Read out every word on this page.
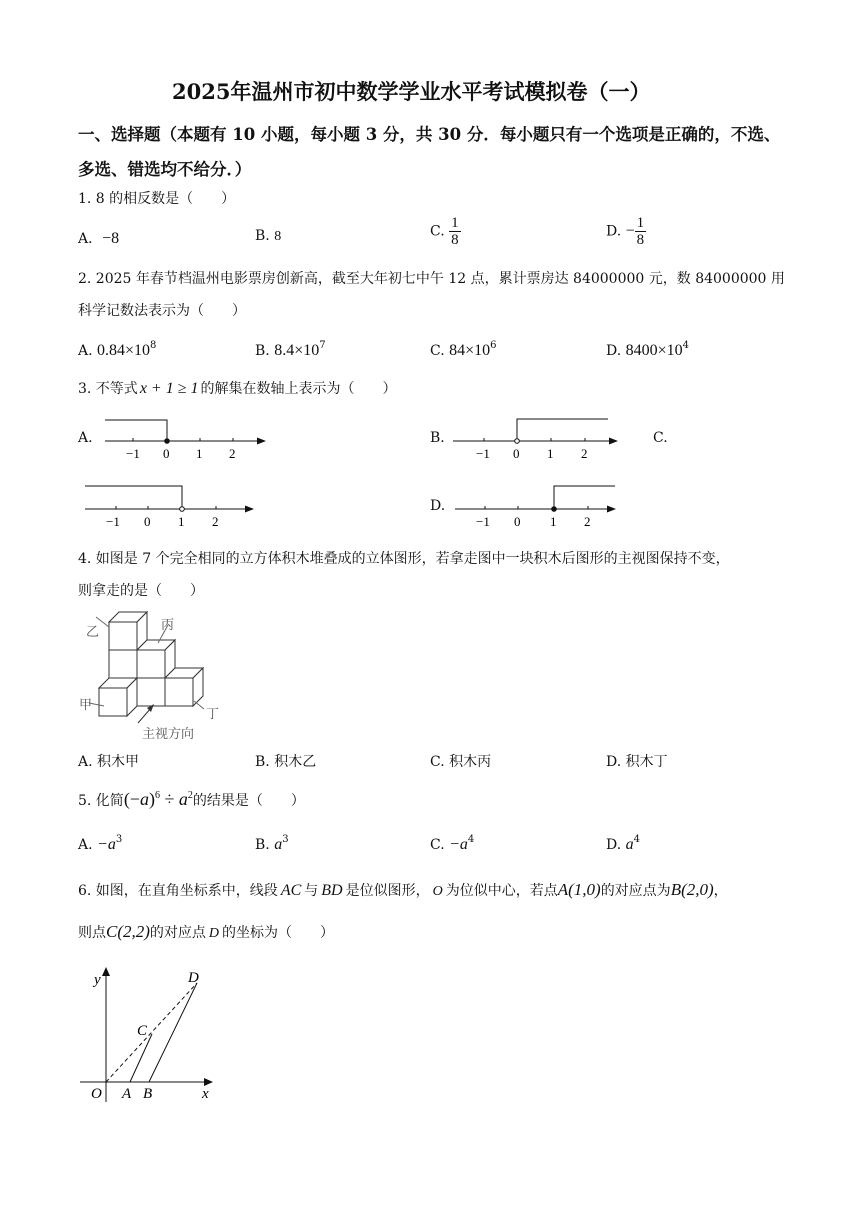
2025年温州市初中数学学业水平考试模拟卷（一）
一、选择题（本题有 10 小题，每小题 3 分，共 30 分．每小题只有一个选项是正确的，不选、
多选、错选均不给分．）
1. 8 的相反数是（　　）
A．−8	B. 8	C. $\frac{1}{8}$	D. − $\frac{1}{8}$
2. 2025 年春节档温州电影票房创新高，截至大年初七中午 12 点，累计票房达 84000000 元，数 84000000 用
科学记数法表示为（　　）
A. $0.84\times 10^8$	B. $8.4\times 10^7$	C. $84\times 10^6$	D. $8400\times 10^4$
3. 不等式 x + 1 ≥ 1 的解集在数轴上表示为（　　）
A.	B.	C.
D.
−1 0 1 2	−1 0 1 2
−1 0 1 2	−1 0 1 2
4. 如图是 7 个完全相同的立方体积木堆叠成的立体图形，若拿走图中一块积木后图形的主视图保持不变，
则拿走的是（　　）
乙	丙
甲
丁
主视方向
A. 积木甲	B. 积木乙	C. 积木丙	D. 积木丁
5. 化简$(-a)^6 \div a^2$的结果是（　　）
A. $-a^3$	B. $a^3$	C. $-a^4$	D. $a^4$
6. 如图，在直角坐标系中，线段 AC 与 BD 是位似图形， O 为位似中心，若点A(1,0)的对应点为B(2,0)，
则点C(2,2)的对应点 D 的坐标为（　　）
y
x
O A B
C
D
